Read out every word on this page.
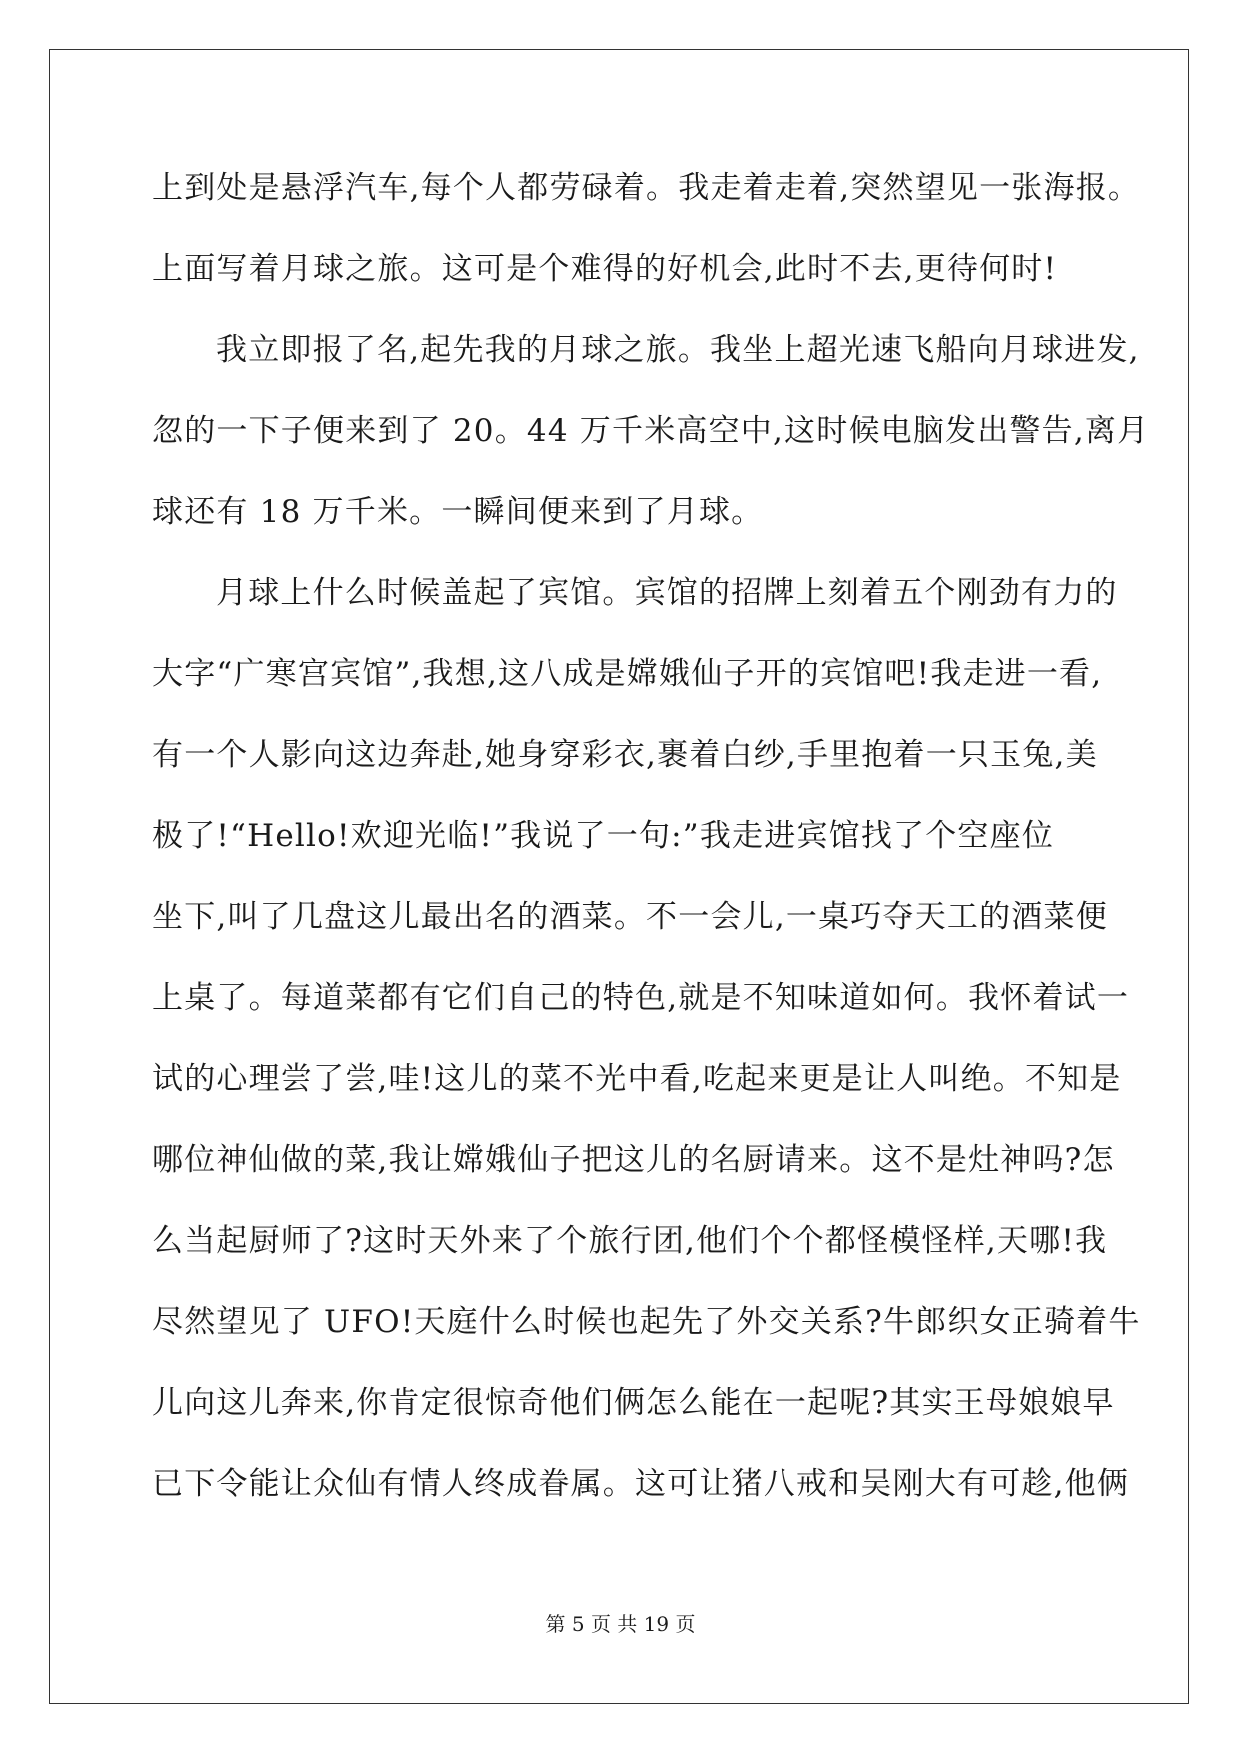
上到处是悬浮汽车,每个人都劳碌着。我走着走着,突然望见一张海报。
上面写着月球之旅。这可是个难得的好机会,此时不去,更待何时!
我立即报了名,起先我的月球之旅。我坐上超光速飞船向月球进发,
忽的一下子便来到了 20。44 万千米高空中,这时候电脑发出警告,离月
球还有 18 万千米。一瞬间便来到了月球。
月球上什么时候盖起了宾馆。宾馆的招牌上刻着五个刚劲有力的
大字“广寒宫宾馆”,我想,这八成是嫦娥仙子开的宾馆吧!我走进一看,
有一个人影向这边奔赴,她身穿彩衣,裹着白纱,手里抱着一只玉兔,美
极了!“Hello!欢迎光临!”我说了一句:”我走进宾馆找了个空座位
坐下,叫了几盘这儿最出名的酒菜。不一会儿,一桌巧夺天工的酒菜便
上桌了。每道菜都有它们自己的特色,就是不知味道如何。我怀着试一
试的心理尝了尝,哇!这儿的菜不光中看,吃起来更是让人叫绝。不知是
哪位神仙做的菜,我让嫦娥仙子把这儿的名厨请来。这不是灶神吗?怎
么当起厨师了?这时天外来了个旅行团,他们个个都怪模怪样,天哪!我
尽然望见了 UFO!天庭什么时候也起先了外交关系?牛郎织女正骑着牛
儿向这儿奔来,你肯定很惊奇他们俩怎么能在一起呢?其实王母娘娘早
已下令能让众仙有情人终成眷属。这可让猪八戒和吴刚大有可趁,他俩
第 5 页 共 19 页
